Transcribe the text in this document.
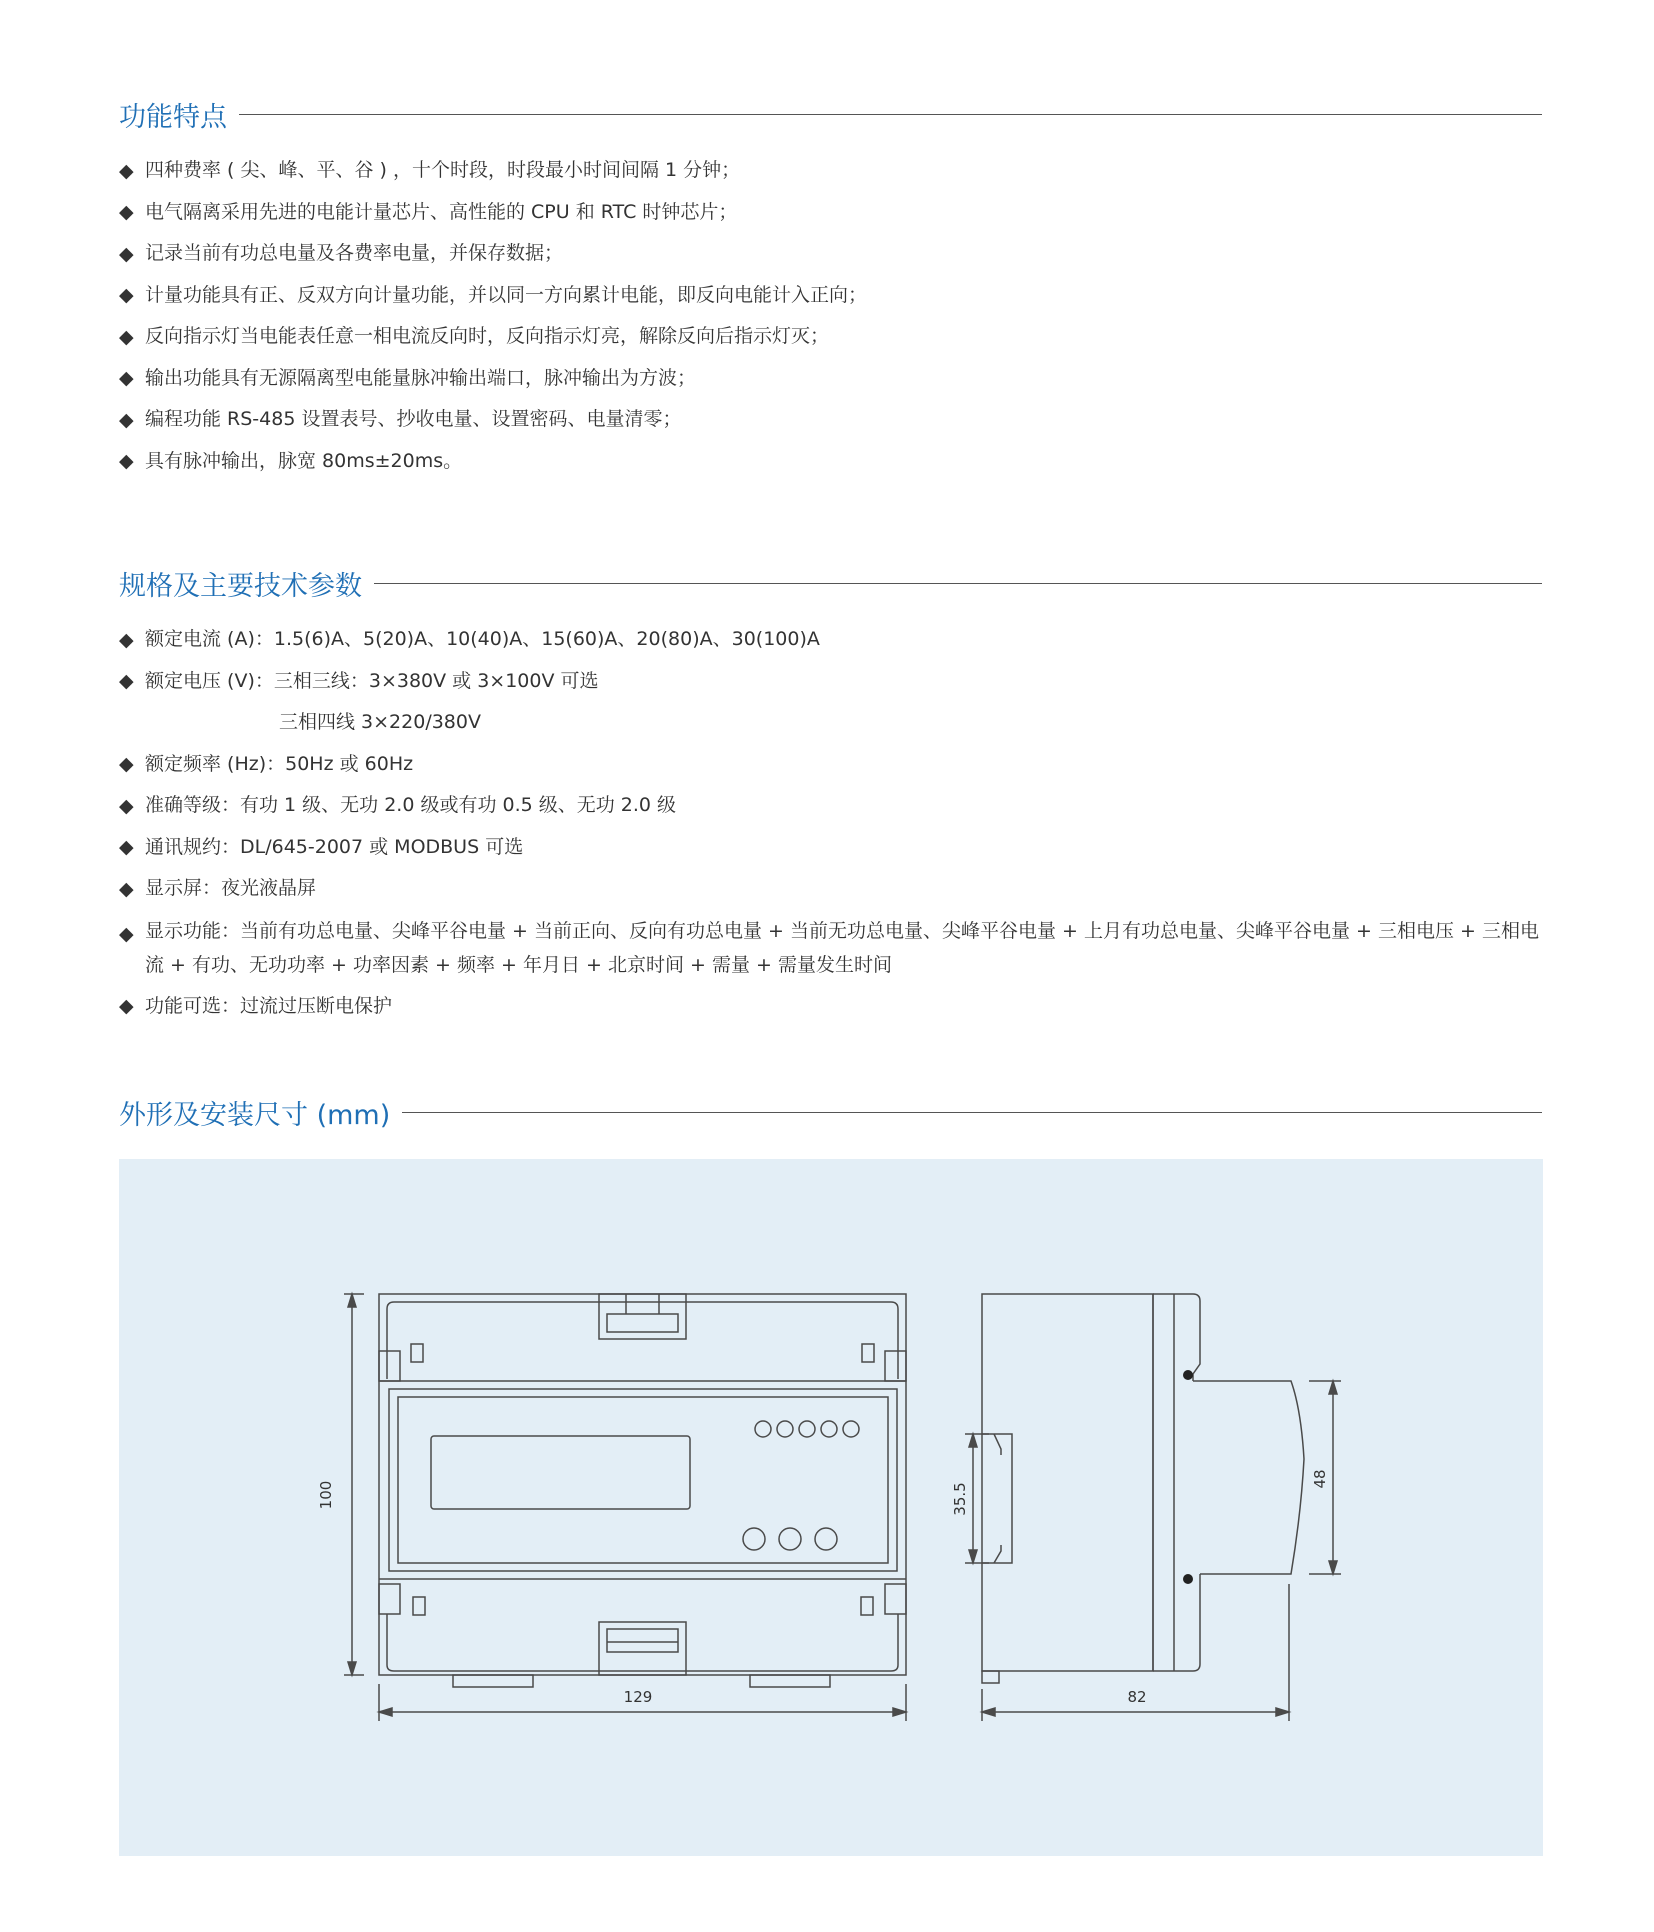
功能特点
◆ 四种费率 ( 尖、峰、平、谷 ) ，十个时段，时段最小时间间隔 1 分钟；
◆ 电气隔离采用先进的电能计量芯片、高性能的 CPU 和 RTC 时钟芯片；
◆ 记录当前有功总电量及各费率电量，并保存数据；
◆ 计量功能具有正、反双方向计量功能，并以同一方向累计电能，即反向电能计入正向；
◆ 反向指示灯当电能表任意一相电流反向时，反向指示灯亮，解除反向后指示灯灭；
◆ 输出功能具有无源隔离型电能量脉冲输出端口，脉冲输出为方波；
◆ 编程功能 RS-485 设置表号、抄收电量、设置密码、电量清零；
◆ 具有脉冲输出，脉宽 80ms±20ms。
规格及主要技术参数
◆ 额定电流 (A)：1.5(6)A、5(20)A、10(40)A、15(60)A、20(80)A、30(100)A
◆ 额定电压 (V)：三相三线：3×380V 或 3×100V 可选
三相四线 3×220/380V
◆ 额定频率 (Hz)：50Hz 或 60Hz
◆ 准确等级：有功 1 级、无功 2.0 级或有功 0.5 级、无功 2.0 级
◆ 通讯规约：DL/645-2007 或 MODBUS 可选
◆ 显示屏：夜光液晶屏
◆ 显示功能：当前有功总电量、尖峰平谷电量 + 当前正向、反向有功总电量 + 当前无功总电量、尖峰平谷电量 + 上月有功总电量、尖峰平谷电量 + 三相电压 + 三相电流 + 有功、无功功率 + 功率因素 + 频率 + 年月日 + 北京时间 + 需量 + 需量发生时间
◆ 功能可选：过流过压断电保护
外形及安装尺寸 (mm)
100
129
35.5
48
82
